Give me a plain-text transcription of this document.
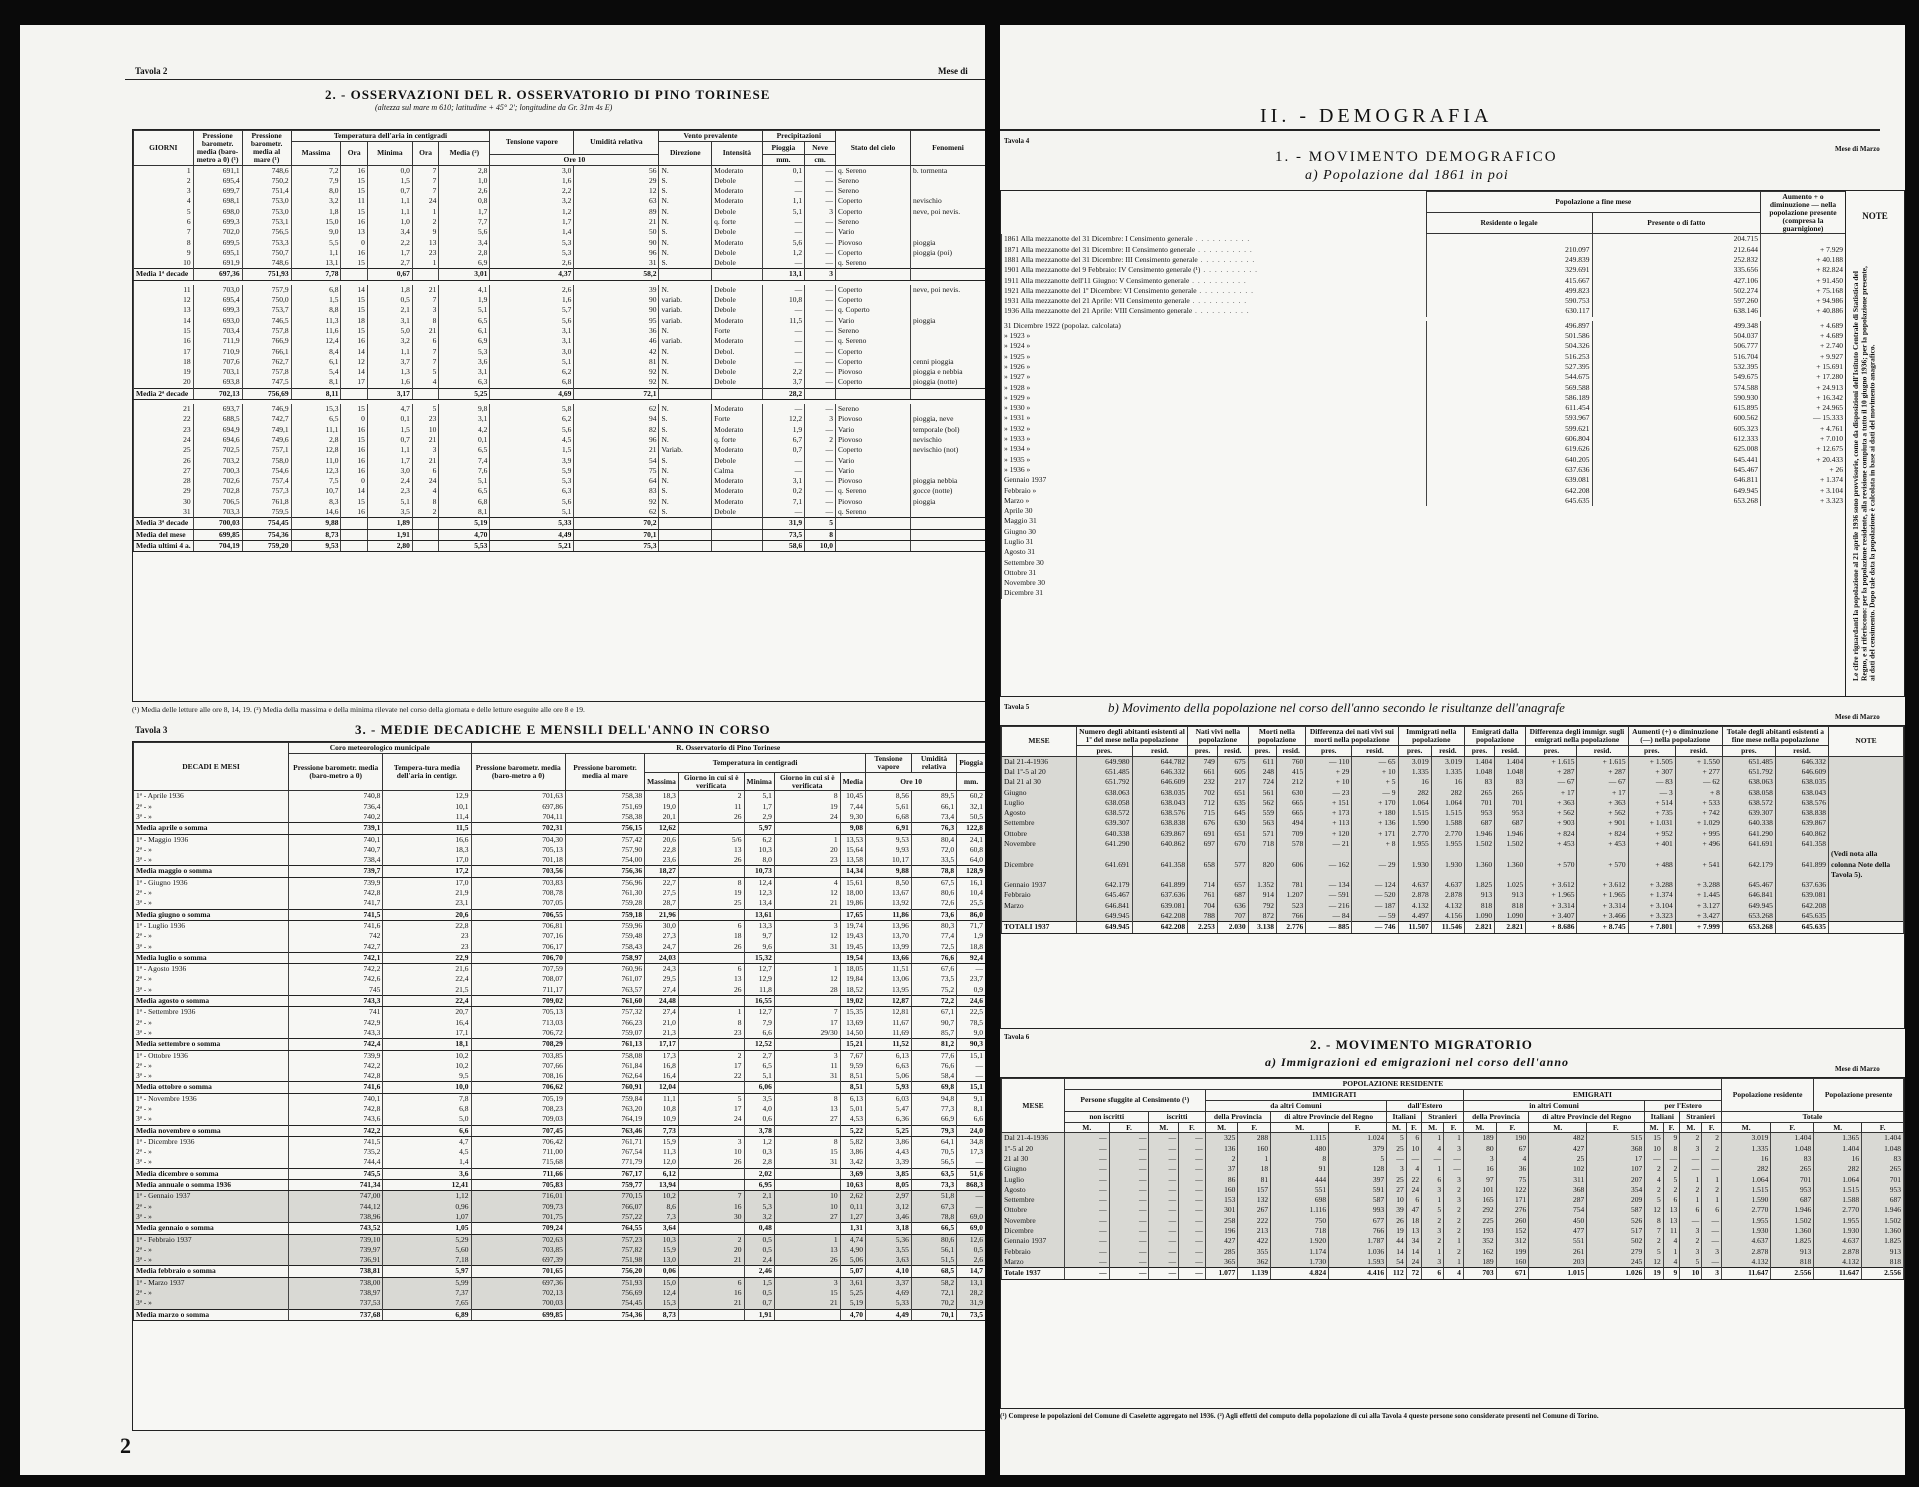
Tavola 2	Mese di
2. - OSSERVAZIONI DEL R. OSSERVATORIO DI PINO TORINESE
(altezza sul mare m 610; latitudine + 45° 2'; longitudine da Gr. 31m 4s E)
GIORNI	Pressione barometr. media (baro-metro a 0) (¹)	Pressione barometr. media al mare (¹)	Temperatura dell'aria in centigradi					Tensione vapore	Umidità relativa	Vento prevalente		Precipitazioni		Stato del cielo	Fenomeni
			Massima	Ora	Minima	Ora	Media (²)			Direzione	Intensità	Pioggia	Neve		
								Ore 10				mm.	cm.		
1	691,1	748,6	7,2	16	0,0	7	2,8	3,0	56	N.	Moderato	0,1	—	q. Sereno	b. tormenta
2	695,4	750,2	7,9	15	1,5	7	1,0	1,6	29	S.	Debole	—	—	Sereno	
3	699,7	751,4	8,0	15	0,7	7	2,6	2,2	12	S.	Moderato	—	—	Sereno	
4	698,1	753,0	3,2	11	1,1	24	0,8	3,2	63	N.	Moderato	1,1	—	Coperto	nevischio
5	698,0	753,0	1,8	15	1,1	1	1,7	1,2	89	N.	Debole	5,1	3	Coperto	neve, poi nevis.
6	699,3	753,1	15,0	16	1,0	2	7,7	1,7	21	N.	q. forte	—	—	Sereno	
7	702,0	756,5	9,0	13	3,4	9	5,6	1,4	50	S.	Debole	—	—	Vario	
8	699,5	753,3	5,5	0	2,2	13	3,4	5,3	90	N.	Moderato	5,6	—	Piovoso	pioggia
9	695,1	750,7	1,1	16	1,7	23	2,8	5,3	96	N.	Debole	1,2	—	Coperto	pioggia (poi)
10	691,9	748,6	13,1	15	2,7	1	6,9	2,6	31	S.	Debole	—	—	q. Sereno	
Media 1ª decade	697,36	751,93	7,78		0,67		3,01	4,37	58,2			13,1	3		

11	703,0	757,9	6,8	14	1,8	21	4,1	2,6	39	N.	Debole	—	—	Coperto	neve, poi nevis.
12	695,4	750,0	1,5	15	0,5	7	1,9	1,6	90	variab.	Debole	10,8	—	Coperto	
13	699,3	753,7	8,8	15	2,1	3	5,1	5,7	90	variab.	Debole	—	—	q. Coperto	
14	693,0	746,5	11,3	18	3,1	8	6,5	5,6	95	variab.	Moderato	11,5	—	Vario	pioggia
15	703,4	757,8	11,6	15	5,0	21	6,1	3,1	36	N.	Forte	—	—	Sereno	
16	711,9	766,9	12,4	16	3,2	6	6,9	3,1	46	variab.	Moderato	—	—	q. Sereno	
17	710,9	766,1	8,4	14	1,1	7	5,3	3,0	42	N.	Debol.	—	—	Coperto	
18	707,6	762,7	6,1	12	3,7	7	3,6	5,1	81	N.	Debole	—	—	Coperto	cenni pioggia
19	703,1	757,8	5,4	14	1,3	5	3,1	6,2	92	N.	Debole	2,2	—	Piovoso	pioggia e nebbia
20	693,8	747,5	8,1	17	1,6	4	6,3	6,8	92	N.	Debole	3,7	—	Coperto	pioggia (notte)
Media 2ª decade	702,13	756,69	8,11		3,17		5,25	4,69	72,1			28,2			

21	693,7	746,9	15,3	15	4,7	5	9,8	5,8	62	N.	Moderato	—	—	Sereno	
22	688,5	742,7	6,5	0	0,1	23	3,1	6,2	94	S.	Forte	12,2	3	Piovoso	pioggia, neve
23	694,9	749,1	11,1	16	1,5	10	4,2	5,6	82	S.	Moderato	1,9	—	Vario	temporale (bol)
24	694,6	749,6	2,8	15	0,7	21	0,1	4,5	96	N.	q. forte	6,7	2	Piovoso	nevischio
25	702,5	757,1	12,8	16	1,1	3	6,5	1,5	21	Variab.	Moderato	0,7	—	Coperto	nevischio (not)
26	703,2	758,0	11,0	16	1,7	21	7,4	3,9	54	S.	Debole	—	—	Vario	
27	700,3	754,6	12,3	16	3,0	6	7,6	5,9	75	N.	Calma	—	—	Vario	
28	702,6	757,4	7,5	0	2,4	24	5,1	5,3	64	N.	Moderato	3,1	—	Piovoso	pioggia nebbia
29	702,8	757,3	10,7	14	2,3	4	6,5	6,3	83	S.	Moderato	0,2	—	q. Sereno	gocce (notte)
30	706,5	761,8	8,3	15	5,1	8	6,8	5,6	92	N.	Moderato	7,1	—	Piovoso	pioggia
31	703,3	759,5	14,6	16	3,5	2	8,1	5,1	62	S.	Debole	—	—	q. Sereno	
Media 3ª decade	700,03	754,45	9,88		1,89		5,19	5,33	70,2			31,9	5		
Media del mese	699,85	754,36	8,73		1,91		4,70	4,49	70,1			73,5	8		
Media ultimi 4 a.	704,19	759,20	9,53		2,80		5,53	5,21	75,3			58,6	10,0		
(¹) Media delle letture alle ore 8, 14, 19. (²) Media della massima e della minima rilevate nel corso della giornata e delle letture eseguite alle ore 8 e 19.
Tavola 3	3. - MEDIE DECADICHE E MENSILI DELL'ANNO IN CORSO
DECADI E MESI	Coro meteorologico municipale		R. Osservatorio di Pino Torinese									
	Pressione barometr. media (baro-metro a 0)	Tempera-tura media dell'aria in centigr.	Pressione barometr. media (baro-metro a 0)	Pressione barometr. media al mare	Temperatura in centigradi					Tensione vapore	Umidità relativa	Pioggia
					Massima	Giorno in cui si è verificata	Minima	Giorno in cui si è verificata	Media	Ore 10		mm.
1ª - Aprile 1936	740,8	12,9	701,63	758,38	18,3	2	5,1	8	10,45	8,56	89,5	60,2
2ª - »	736,4	10,1	697,86	751,69	19,0	11	1,7	19	7,44	5,61	66,1	32,1
3ª - »	740,2	11,4	704,11	758,38	20,1	26	2,9	24	9,30	6,68	73,4	50,5
Media aprile o somma	739,1	11,5	702,31	756,15	12,62		5,97		9,08	6,91	76,3	122,8
1ª - Maggio 1936	740,1	16,6	704,30	757,42	20,6	5/6	6,2	1	13,53	9,53	80,4	24,1
2ª - »	740,7	18,3	705,13	757,90	22,8	13	10,3	20	15,64	9,93	72,0	60,8
3ª - »	738,4	17,0	701,18	754,00	23,6	26	8,0	23	13,58	10,17	33,5	64,0
Media maggio o somma	739,7	17,2	703,56	756,36	18,27		10,73		14,34	9,88	78,8	128,9
1ª - Giugno 1936	739,9	17,0	703,83	756,96	22,7	8	12,4	4	15,61	8,50	67,5	16,1
2ª - »	742,8	21,9	708,78	761,30	27,5	19	12,3	12	18,00	13,67	80,6	10,4
3ª - »	741,7	23,1	707,05	759,28	28,7	25	13,4	21	19,86	13,92	72,6	25,5
Media giugno o somma	741,5	20,6	706,55	759,18	21,96		13,61		17,65	11,86	73,6	86,0
1ª - Luglio 1936	741,6	22,8	706,81	759,96	30,0	6	13,3	3	19,74	13,96	80,3	71,7
2ª - »	742	23	707,16	759,48	27,3	18	9,7	12	19,43	13,70	77,4	1,9
3ª - »	742,7	23	706,17	758,43	24,7	26	9,6	31	19,45	13,99	72,5	18,8
Media luglio o somma	742,1	22,9	706,70	758,97	24,03		15,32		19,54	13,66	76,6	92,4
1ª - Agosto 1936	742,2	21,6	707,59	760,96	24,3	6	12,7	1	18,05	11,51	67,6	—
2ª - »	742,6	22,4	708,07	761,07	29,5	13	12,9	12	19,84	13,06	73,5	23,7
3ª - »	745	21,5	711,17	763,57	27,4	26	11,8	28	18,52	13,95	75,2	0,9
Media agosto o somma	743,3	22,4	709,02	761,60	24,48		16,55		19,02	12,87	72,2	24,6
1ª - Settembre 1936	741	20,7	705,13	757,32	27,4	1	12,7	7	15,35	12,81	67,1	22,5
2ª - »	742,9	16,4	713,03	766,23	21,0	8	7,9	17	13,69	11,67	90,7	78,5
3ª - »	743,3	17,1	706,72	759,07	21,3	23	6,6	29/30	14,50	11,69	85,7	9,0
Media settembre o somma	742,4	18,1	708,29	761,13	17,17		12,52		15,21	11,52	81,2	90,3
1ª - Ottobre 1936	739,9	10,2	703,85	758,08	17,3	2	2,7	3	7,67	6,13	77,6	15,1
2ª - »	742,2	10,2	707,66	761,84	16,8	17	6,5	11	9,59	6,63	76,6	—
3ª - »	742,8	9,5	708,16	762,64	16,4	22	5,1	31	8,51	5,06	58,4	—
Media ottobre o somma	741,6	10,0	706,62	760,91	12,04		6,06		8,51	5,93	69,8	15,1
1ª - Novembre 1936	740,1	7,8	705,19	759,84	11,1	5	3,5	8	6,13	6,03	94,8	9,1
2ª - »	742,8	6,8	708,23	763,20	10,8	17	4,0	13	5,01	5,47	77,3	8,1
3ª - »	743,6	5,0	709,03	764,19	10,9	24	0,6	27	4,53	6,36	66,9	6,6
Media novembre o somma	742,2	6,6	707,45	763,46	7,73		3,78		5,22	5,25	79,3	24,0
1ª - Dicembre 1936	741,5	4,7	706,42	761,71	15,9	3	1,2	8	5,82	3,86	64,1	34,8
2ª - »	735,2	4,5	711,00	767,54	11,3	10	0,3	15	3,86	4,43	70,5	17,3
3ª - »	744,4	1,4	715,68	771,79	12,0	26	2,8	31	3,42	3,39	56,5	—
Media dicembre o somma	745,5	3,6	711,66	767,17	6,12		2,02		3,69	3,85	63,5	51,6
Media annuale o somma 1936	741,34	12,41	705,83	759,77	13,94		6,95		10,63	8,05	73,3	868,3
1ª - Gennaio 1937	747,00	1,12	716,01	770,15	10,2	7	2,1	10	2,62	2,97	51,8	—
2ª - »	744,12	0,96	709,73	766,07	8,6	16	5,3	10	0,11	3,12	67,3	—
3ª - »	738,96	1,07	701,75	757,22	7,3	30	3,2	27	1,27	3,46	78,8	69,0
Media gennaio o somma	743,52	1,05	709,24	764,55	3,64		0,48		1,31	3,18	66,5	69,0
1ª - Febbraio 1937	739,10	5,29	702,63	757,23	10,3	2	0,5	1	4,74	5,36	80,6	12,6
2ª - »	739,97	5,60	703,85	757,82	15,9	20	0,5	13	4,90	3,55	56,1	0,5
3ª - »	736,91	7,18	697,39	751,98	13,0	21	2,4	26	5,06	3,63	51,5	2,6
Media febbraio o somma	738,81	5,97	701,65	756,20	0,06		2,46		5,07	4,10	68,5	14,7
1ª - Marzo 1937	738,00	5,99	697,36	751,93	15,0	6	1,5	3	3,61	3,37	58,2	13,1
2ª - »	738,97	7,37	702,13	756,69	12,4	16	0,5	15	5,25	4,69	72,1	28,2
3ª - »	737,53	7,65	700,03	754,45	15,3	21	0,7	21	5,19	5,33	70,2	31,9
Media marzo o somma	737,68	6,89	699,85	754,36	8,73		1,91		4,70	4,49	70,1	73,5
2
II. - DEMOGRAFIA
Tavola 4
Mese di Marzo
1. - MOVIMENTO DEMOGRAFICO
a) Popolazione dal 1861 in poi
	Popolazione a fine mese		Aumento + o diminuzione — nella popolazione presente (compresa la guarnigione)
	Residente o legale	Presente o di fatto	
1861 Alla mezzanotte del 31 Dicembre: I Censimento generale . . . . . . . . . .		204.715	
1871 Alla mezzanotte del 31 Dicembre: II Censimento generale . . . . . . . . . .	210.097	212.644	+ 7.929
1881 Alla mezzanotte del 31 Dicembre: III Censimento generale . . . . . . . . . .	249.839	252.832	+ 40.188
1901 Alla mezzanotte del 9 Febbraio: IV Censimento generale (¹) . . . . . . . . . .	329.691	335.656	+ 82.824
1911 Alla mezzanotte dell'11 Giugno: V Censimento generale . . . . . . . . . .	415.667	427.106	+ 91.450
1921 Alla mezzanotte del 1º Dicembre: VI Censimento generale . . . . . . . . . .	499.823	502.274	+ 75.168
1931 Alla mezzanotte del 21 Aprile: VII Censimento generale . . . . . . . . . .	590.753	597.260	+ 94.986
1936 Alla mezzanotte del 21 Aprile: VIII Censimento generale . . . . . . . . . .	630.117	638.146	+ 40.886

31 Dicembre 1922 (popolaz. calcolata)	496.897	499.348	+ 4.689
» 1923 »	501.586	504.037	+ 4.689
» 1924 »	504.326	506.777	+ 2.740
» 1925 »	516.253	516.704	+ 9.927
» 1926 »	527.395	532.395	+ 15.691
» 1927 »	544.675	549.675	+ 17.280
» 1928 »	569.588	574.588	+ 24.913
» 1929 »	586.189	590.930	+ 16.342
» 1930 »	611.454	615.895	+ 24.965
» 1931 »	593.967	600.562	— 15.333
» 1932 »	599.621	605.323	+ 4.761
» 1933 »	606.804	612.333	+ 7.010
» 1934 »	619.626	625.008	+ 12.675
» 1935 »	640.205	645.441	+ 20.433
» 1936 »	637.636	645.467	+ 26
Gennaio 1937	639.081	646.811	+ 1.374
Febbraio »	642.208	649.945	+ 3.104
Marzo »	645.635	653.268	+ 3.323
Aprile 30			
Maggio 31			
Giugno 30			
Luglio 31			
Agosto 31			
Settembre 30			
Ottobre 31			
Novembre 30			
Dicembre 31			
NOTE
Le cifre riguardanti la popolazione al 21 aprile 1936 sono provvisorie, come da disposizioni dell'Istituto Centrale di Statistica del Regno, e si riferiscono: per la popolazione residente, alla revisione compiuta a tutto il 10 giugno 1936; per la popolazione presente, ai dati del censimento. Dopo tale data la popolazione è calcolata in base ai dati del movimento anagrafico.
Tavola 5	b) Movimento della popolazione nel corso dell'anno secondo le risultanze dell'anagrafe
Mese di Marzo
MESE	Numero degli abitanti esistenti al 1º del mese nella popolazione		Nati vivi nella popolazione		Morti nella popolazione		Differenza dei nati vivi sui morti nella popolazione		Immigrati nella popolazione		Emigrati dalla popolazione		Differenza degli immigr. sugli emigrati nella popolazione		Aumenti (+) o diminuzione (—) nella popolazione		Totale degli abitanti esistenti a fine mese nella popolazione		NOTE
	pres.	resid.	pres.	resid.	pres.	resid.	pres.	resid.	pres.	resid.	pres.	resid.	pres.	resid.	pres.	resid.	pres.	resid.	
Dal 21-4-1936	649.980	644.782	749	675	611	760	— 110	— 65	3.019	3.019	1.404	1.404	+ 1.615	+ 1.615	+ 1.505	+ 1.550	651.485	646.332	
Dal 1º-5 al 20	651.485	646.332	661	605	248	415	+ 29	+ 10	1.335	1.335	1.048	1.048	+ 287	+ 287	+ 307	+ 277	651.792	646.609	
Dal 21 al 30	651.792	646.609	232	217	724	212	+ 10	+ 5	16	16	83	83	— 67	— 67	— 83	— 62	638.063	638.035	
Giugno	638.063	638.035	702	651	561	630	— 23	— 9	282	282	265	265	+ 17	+ 17	— 3	+ 8	638.058	638.043	
Luglio	638.058	638.043	712	635	562	665	+ 151	+ 170	1.064	1.064	701	701	+ 363	+ 363	+ 514	+ 533	638.572	638.576	
Agosto	638.572	638.576	715	645	559	665	+ 173	+ 180	1.515	1.515	953	953	+ 562	+ 562	+ 735	+ 742	639.307	638.838	
Settembre	639.307	638.838	676	630	563	494	+ 113	+ 136	1.590	1.588	687	687	+ 903	+ 901	+ 1.031	+ 1.029	640.338	639.867	
Ottobre	640.338	639.867	691	651	571	709	+ 120	+ 171	2.770	2.770	1.946	1.946	+ 824	+ 824	+ 952	+ 995	641.290	640.862	
Novembre	641.290	640.862	697	670	718	578	— 21	+ 8	1.955	1.955	1.502	1.502	+ 453	+ 453	+ 401	+ 496	641.691	641.358	
Dicembre	641.691	641.358	658	577	820	606	— 162	— 29	1.930	1.930	1.360	1.360	+ 570	+ 570	+ 488	+ 541	642.179	641.899	(Vedi nota alla colonna Note della Tavola 5).
Gennaio 1937	642.179	641.899	714	657	1.352	781	— 134	— 124	4.637	4.637	1.825	1.025	+ 3.612	+ 3.612	+ 3.288	+ 3.288	645.467	637.636	
Febbraio	645.467	637.636	761	687	914	1.207	— 591	— 520	2.878	2.878	913	913	+ 1.965	+ 1.965	+ 1.374	+ 1.445	646.841	639.081	
Marzo	646.841	639.081	704	636	792	523	— 216	— 187	4.132	4.132	818	818	+ 3.314	+ 3.314	+ 3.104	+ 3.127	649.945	642.208	
	649.945	642.208	788	707	872	766	— 84	— 59	4.497	4.156	1.090	1.090	+ 3.407	+ 3.466	+ 3.323	+ 3.427	653.268	645.635	
TOTALI 1937	649.945	642.208	2.253	2.030	3.138	2.776	— 885	— 746	11.507	11.546	2.821	2.821	+ 8.686	+ 8.745	+ 7.801	+ 7.999	653.268	645.635	
Tavola 6	2. - MOVIMENTO MIGRATORIO
a) Immigrazioni ed emigrazioni nel corso dell'anno	Mese di Marzo
MESE	POPOLAZIONE RESIDENTE																				Popolazione residente		Popolazione presente	
	Persone sfuggite al Censimento (¹)				IMMIGRATI								EMIGRATI											
					da altri Comuni				dall'Estero				in altri Comuni				per l'Estero							
	non iscritti		iscritti		della Provincia		di altre Provincie del Regno		Italiani		Stranieri		della Provincia		di altre Provincie del Regno		Italiani		Stranieri		Totale			
	M.	F.	M.	F.	M.	F.	M.	F.	M.	F.	M.	F.	M.	F.	M.	F.	M.	F.	M.	F.	M.	F.	M.	F.
Dal 21-4-1936	—	—	—	—	325	288	1.115	1.024	5	6	1	1	189	190	482	515	15	9	2	2	3.019	1.404	1.365	1.404
1º-5 al 20	—	—	—	—	136	160	480	379	25	10	4	3	80	67	427	368	10	8	3	2	1.335	1.048	1.404	1.048
21 al 30	—	—	—	—	2	1	8	5	—	—	—	—	3	4	25	17	—	—	—	—	16	83	16	83
Giugno	—	—	—	—	37	18	91	128	3	4	1	—	16	36	102	107	2	2	—	—	282	265	282	265
Luglio	—	—	—	—	86	81	444	397	25	22	6	3	97	75	311	207	4	5	1	1	1.064	701	1.064	701
Agosto	—	—	—	—	160	157	551	591	27	24	3	2	101	122	368	354	2	2	2	2	1.515	953	1.515	953
Settembre	—	—	—	—	153	132	698	587	10	6	1	3	165	171	287	209	5	6	1	1	1.590	687	1.588	687
Ottobre	—	—	—	—	301	267	1.116	993	39	47	5	2	292	276	754	587	12	13	6	6	2.770	1.946	2.770	1.946
Novembre	—	—	—	—	258	222	750	677	26	18	2	2	225	260	450	526	8	13	—	—	1.955	1.502	1.955	1.502
Dicembre	—	—	—	—	196	213	718	766	19	13	3	2	193	152	477	517	7	11	3	—	1.930	1.360	1.930	1.360
Gennaio 1937	—	—	—	—	427	422	1.920	1.787	44	34	2	1	352	312	551	502	2	4	2	—	4.637	1.825	4.637	1.825
Febbraio	—	—	—	—	285	355	1.174	1.036	14	14	1	2	162	199	261	279	5	1	3	3	2.878	913	2.878	913
Marzo	—	—	—	—	365	362	1.730	1.593	54	24	3	1	189	160	203	245	12	4	5	—	4.132	818	4.132	818
Totale 1937	—	—	—	—	1.077	1.139	4.824	4.416	112	72	6	4	703	671	1.015	1.026	19	9	10	3	11.647	2.556	11.647	2.556
(¹) Comprese le popolazioni del Comune di Caselette aggregato nel 1936. (²) Agli effetti del computo della popolazione di cui alla Tavola 4 queste persone sono considerate presenti nel Comune di Torino.
